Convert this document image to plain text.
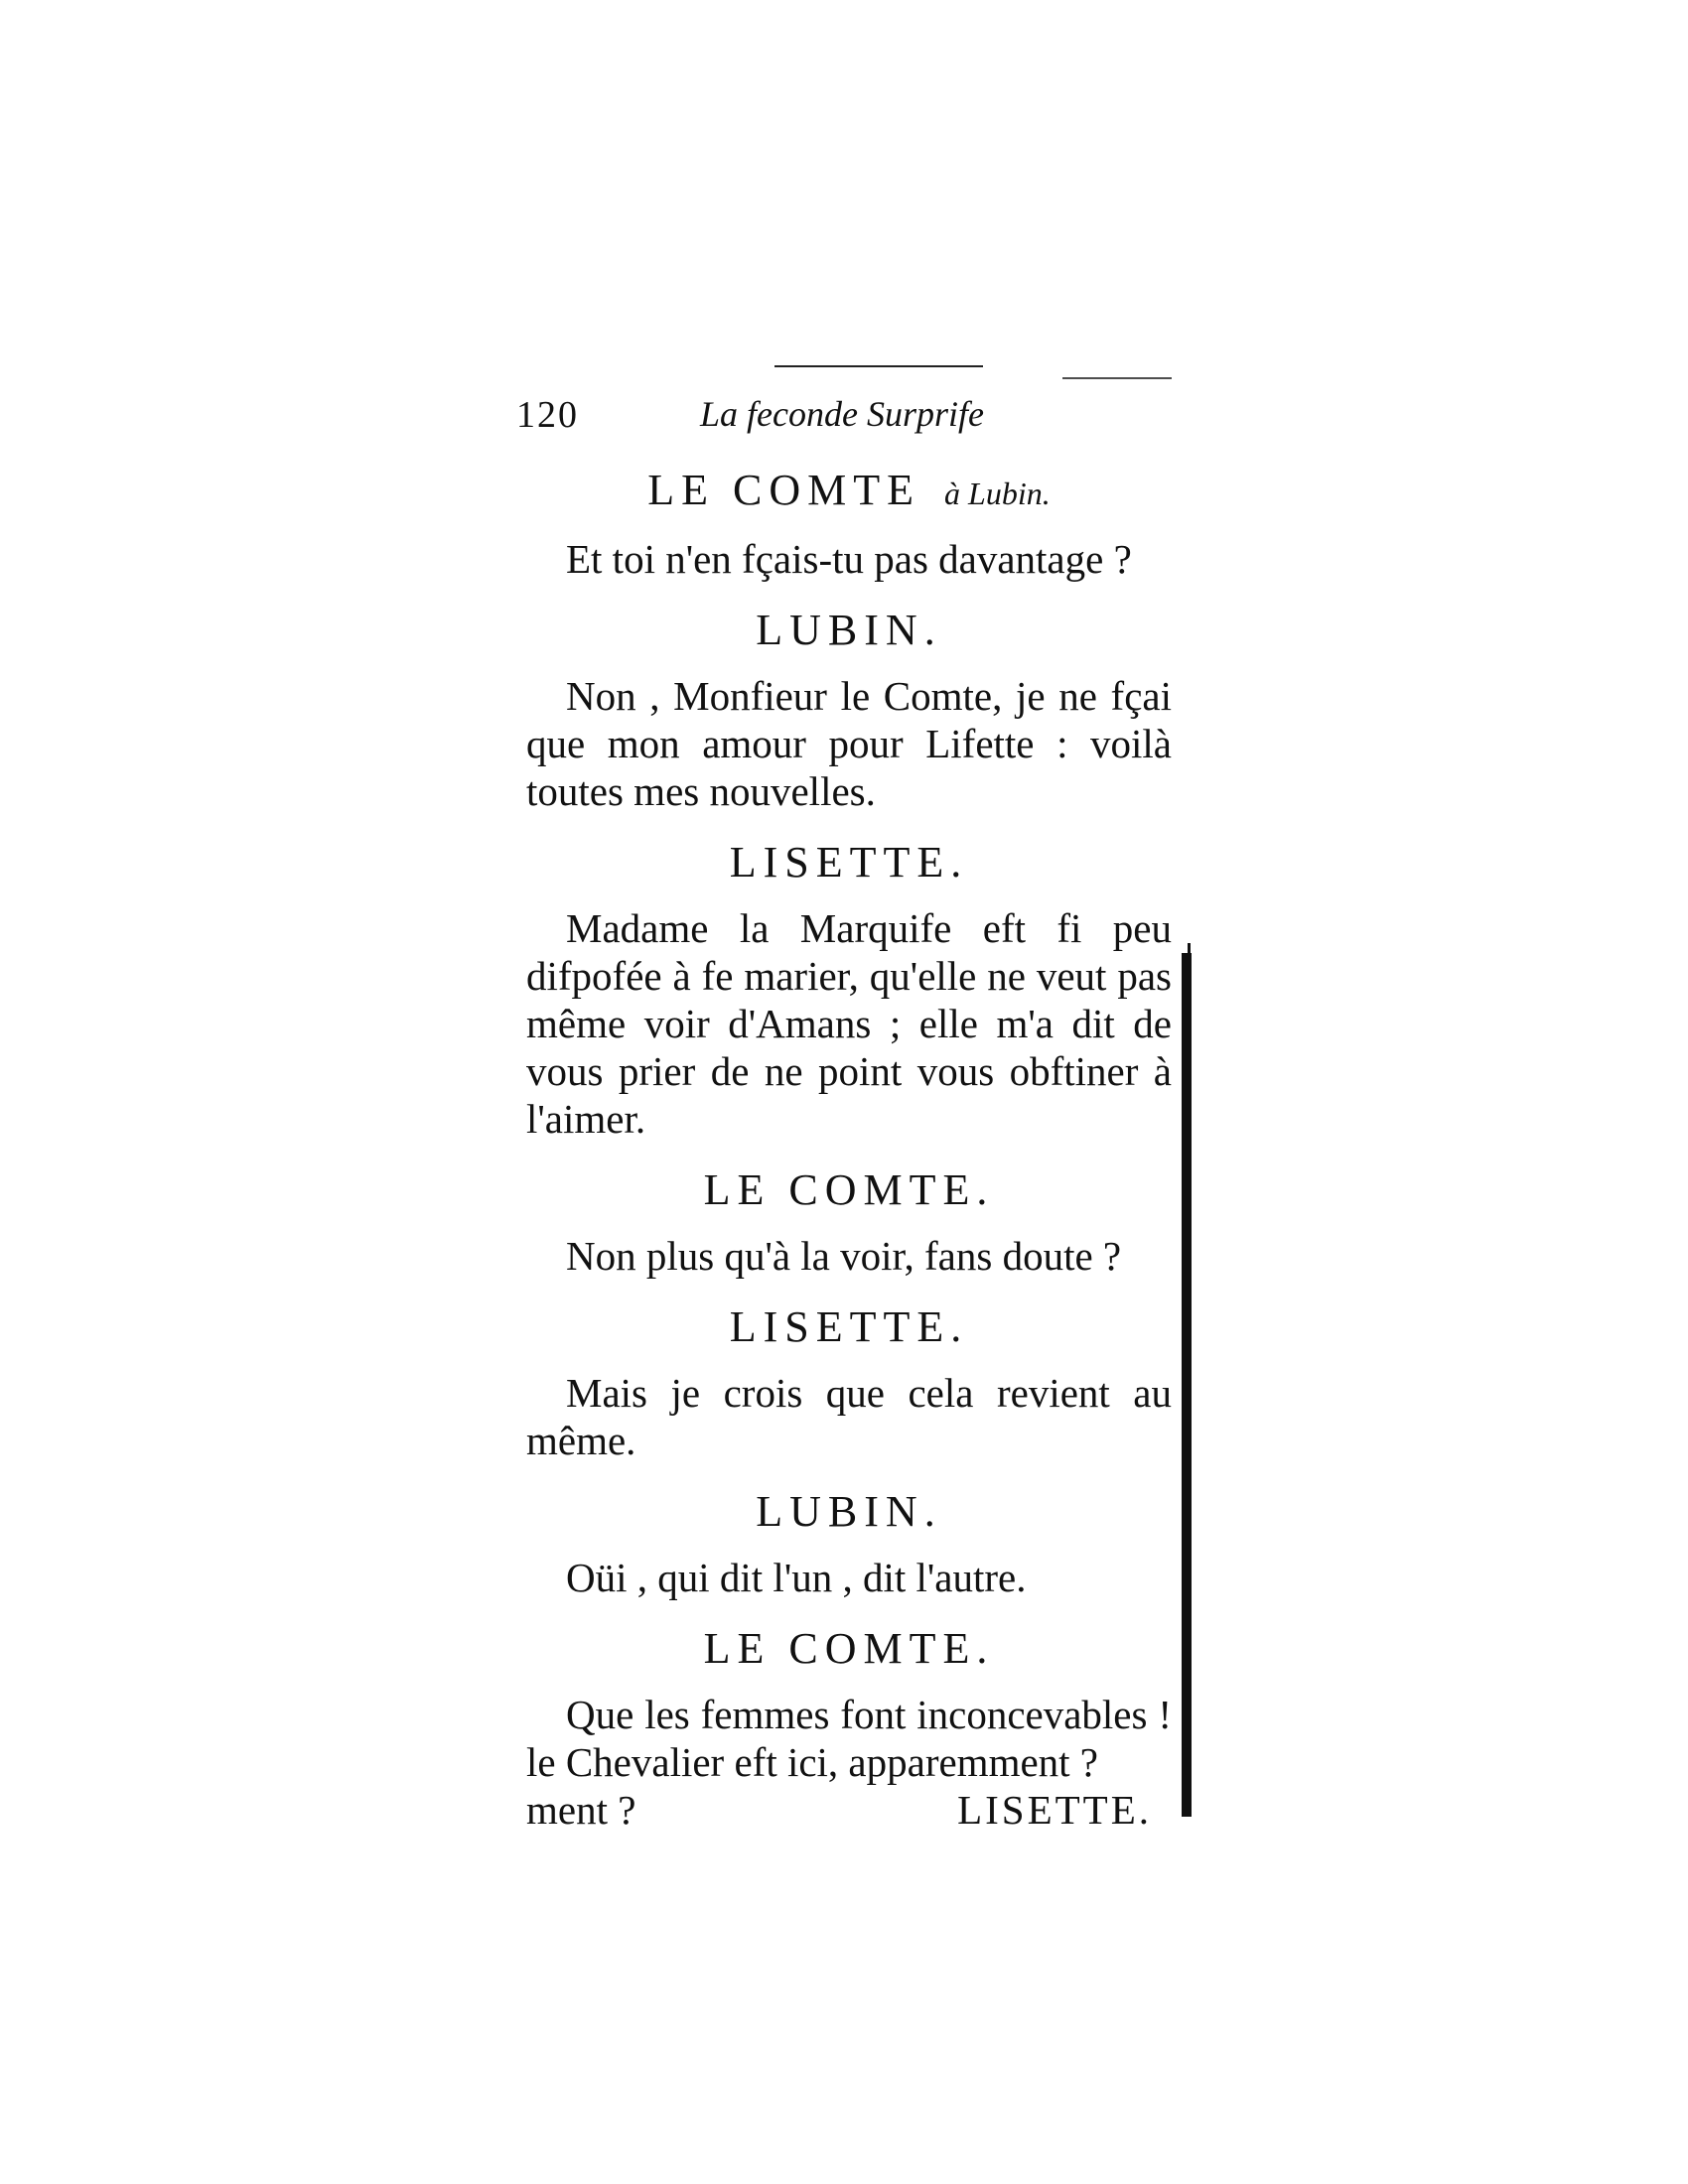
120	La feconde Surprife
LE COMTE à Lubin.

Et toi n'en fçais-tu pas davantage ?

LUBIN.

Non , Monfieur le Comte, je ne fçai que mon amour pour Lifette : voilà toutes mes nouvelles.

LISETTE.

Madame la Marquife eft fi peu difpofée à fe marier, qu'elle ne veut pas même voir d'Amans ; elle m'a dit de vous prier de ne point vous obftiner à l'aimer.

LE COMTE.

Non plus qu'à la voir, fans doute ?

LISETTE.

Mais je crois que cela revient au même.

LUBIN.

Oüi , qui dit l'un , dit l'autre.

LE COMTE.

Que les femmes font inconcevables ! le Chevalier eft ici, apparemment ?

ment ?	LISETTE.
